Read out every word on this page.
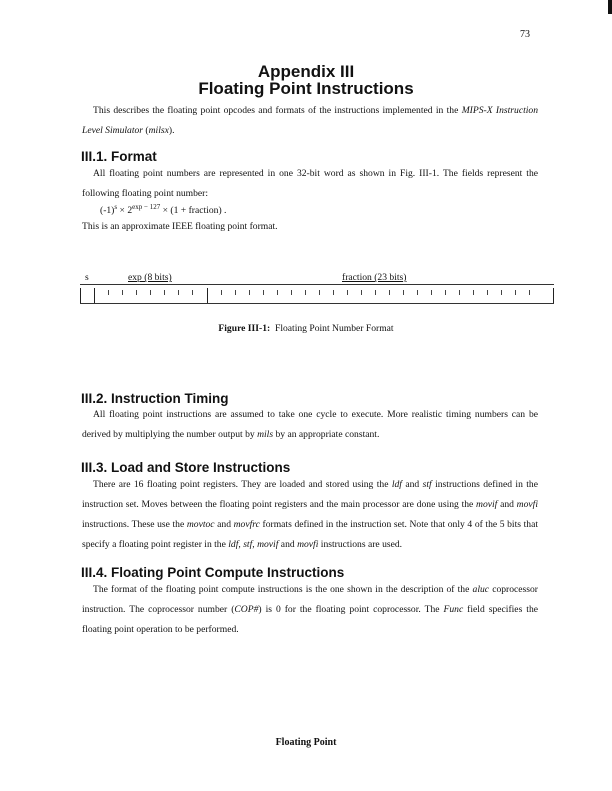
73
Appendix III
Floating Point Instructions
This describes the floating point opcodes and formats of the instructions implemented in the MIPS-X Instruction Level Simulator (milsx).
III.1. Format
All floating point numbers are represented in one 32-bit word as shown in Fig. III-1. The fields represent the following floating point number:
$(-1)^s \times 2^{exp - 127} \times (1$ + fraction) .
This is an approximate IEEE floating point format.
s	exp (8 bits)	fraction (23 bits)
Figure III-1: Floating Point Number Format
III.2. Instruction Timing
All floating point instructions are assumed to take one cycle to execute. More realistic timing numbers can be derived by multiplying the number output by mils by an appropriate constant.
III.3. Load and Store Instructions
There are 16 floating point registers. They are loaded and stored using the ldf and stf instructions defined in the instruction set. Moves between the floating point registers and the main processor are done using the movif and movfi instructions. These use the movtoc and movfrc formats defined in the instruction set. Note that only 4 of the 5 bits that specify a floating point register in the ldf, stf, movif and movfi instructions are used.
III.4. Floating Point Compute Instructions
The format of the floating point compute instructions is the one shown in the description of the aluc coprocessor instruction. The coprocessor number (COP#) is 0 for the floating point coprocessor. The Func field specifies the floating point operation to be performed.
Floating Point
